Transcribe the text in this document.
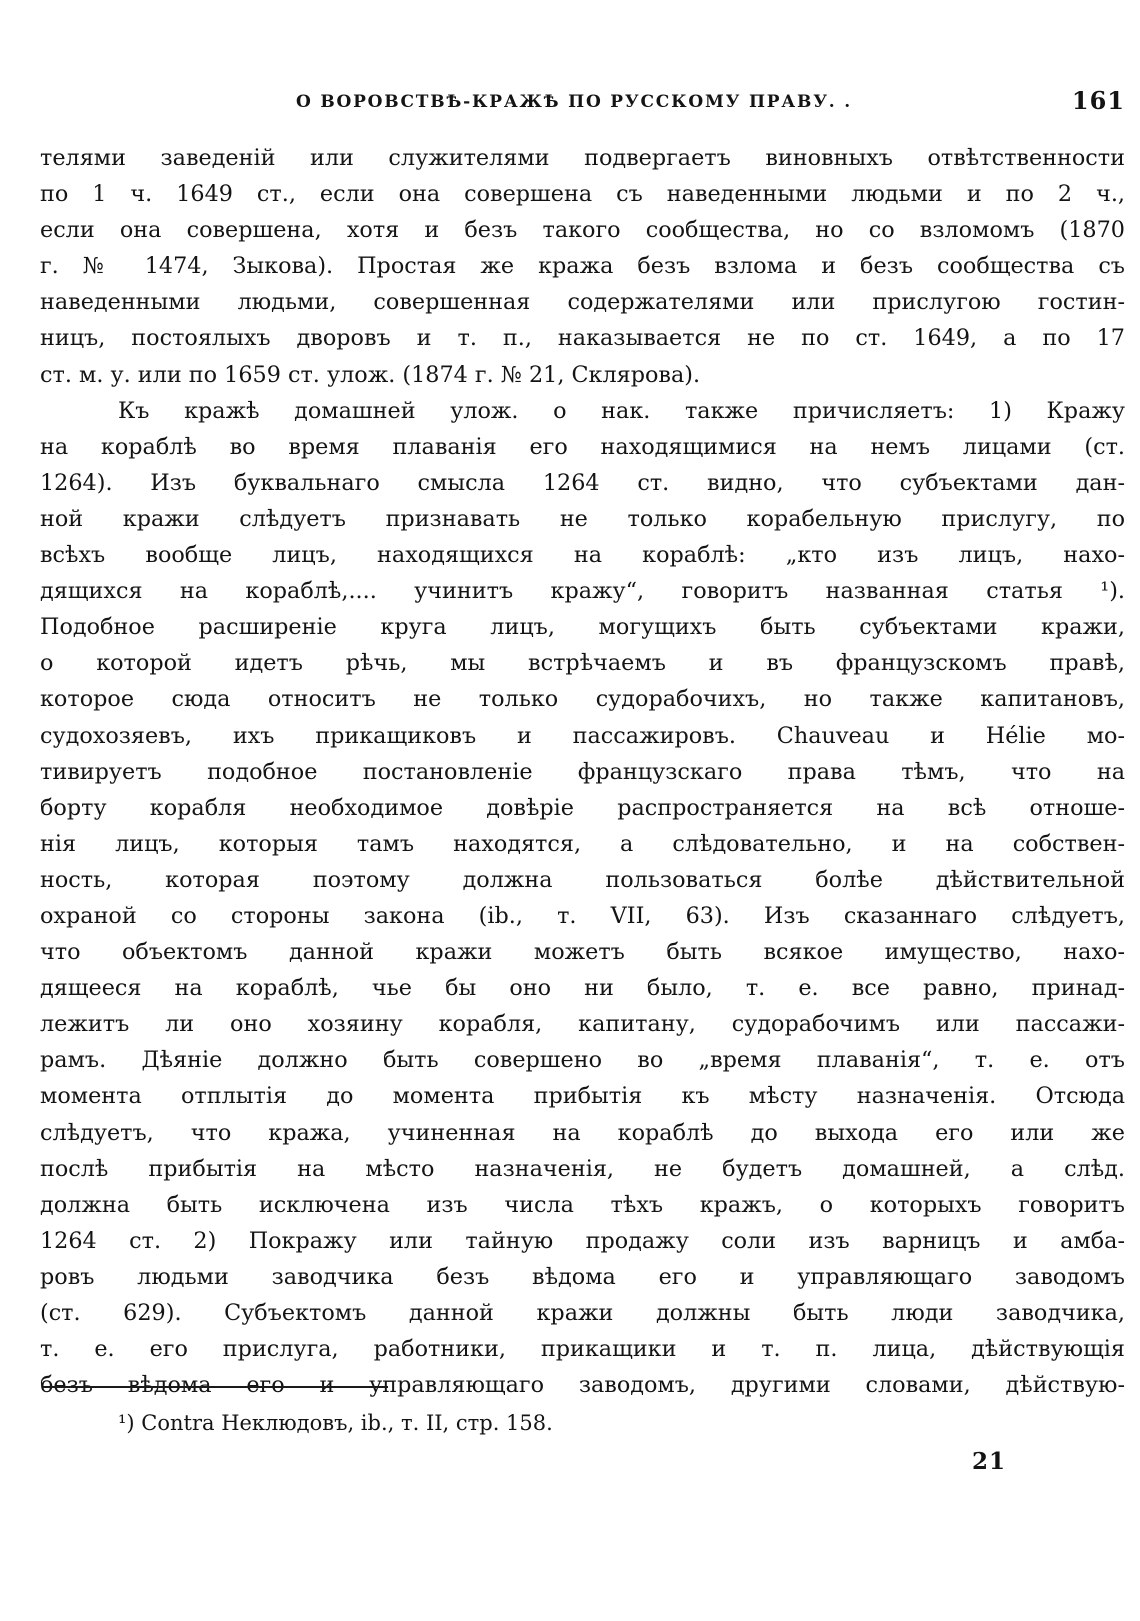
О ВОРОВСТВѢ-КРАЖѢ ПО РУССКОМУ ПРАВУ. .	161
телями заведеній или служителями подвергаетъ виновныхъ отвѣтственности
по 1 ч. 1649 ст., если она совершена съ наведенными людьми и по 2 ч.,
если она совершена, хотя и безъ такого сообщества, но со взломомъ (1870
г. № 1474, Зыкова). Простая же кража безъ взлома и безъ сообщества съ
наведенными людьми, совершенная содержателями или прислугою гостин-
ницъ, постоялыхъ дворовъ и т. п., наказывается не по ст. 1649, а по 17
ст. м. у. или по 1659 ст. улож. (1874 г. № 21, Склярова).
Къ кражѣ домашней улож. о нак. также причисляетъ: 1) Кражу
на кораблѣ во время плаванія его находящимися на немъ лицами (ст.
1264). Изъ буквальнаго смысла 1264 ст. видно, что субъектами дан-
ной кражи слѣдуетъ признавать не только корабельную прислугу, по
всѣхъ вообще лицъ, находящихся на кораблѣ: „кто изъ лицъ, нахо-
дящихся на кораблѣ,.... учинитъ кражу“, говоритъ названная статья ¹).
Подобное расширеніе круга лицъ, могущихъ быть субъектами кражи,
о которой идетъ рѣчь, мы встрѣчаемъ и въ французскомъ правѣ,
которое сюда относитъ не только судорабочихъ, но также капитановъ,
судохозяевъ, ихъ прикащиковъ и пассажировъ. Chauveau и Hélie мо-
тивируетъ подобное постановленіе французскаго права тѣмъ, что на
борту корабля необходимое довѣріе распространяется на всѣ отноше-
нія лицъ, которыя тамъ находятся, а слѣдовательно, и на собствен-
ность, которая поэтому должна пользоваться болѣе дѣйствительной
охраной со стороны закона (ib., т. VII, 63). Изъ сказаннаго слѣдуетъ,
что объектомъ данной кражи можетъ быть всякое имущество, нахо-
дящееся на кораблѣ, чье бы оно ни было, т. е. все равно, принад-
лежитъ ли оно хозяину корабля, капитану, судорабочимъ или пассажи-
рамъ. Дѣяніе должно быть совершено во „время плаванія“, т. е. отъ
момента отплытія до момента прибытія къ мѣсту назначенія. Отсюда
слѣдуетъ, что кража, учиненная на кораблѣ до выхода его или же
послѣ прибытія на мѣсто назначенія, не будетъ домашней, а слѣд.
должна быть исключена изъ числа тѣхъ кражъ, о которыхъ говоритъ
1264 ст. 2) Покражу или тайную продажу соли изъ варницъ и амба-
ровъ людьми заводчика безъ вѣдома его и управляющаго заводомъ
(ст. 629). Субъектомъ данной кражи должны быть люди заводчика,
т. е. его прислуга, работники, прикащики и т. п. лица, дѣйствующія
безъ вѣдома его и управляющаго заводомъ, другими словами, дѣйствую-
¹) Contra Неклюдовъ, ib., т. II, стр. 158.
21
